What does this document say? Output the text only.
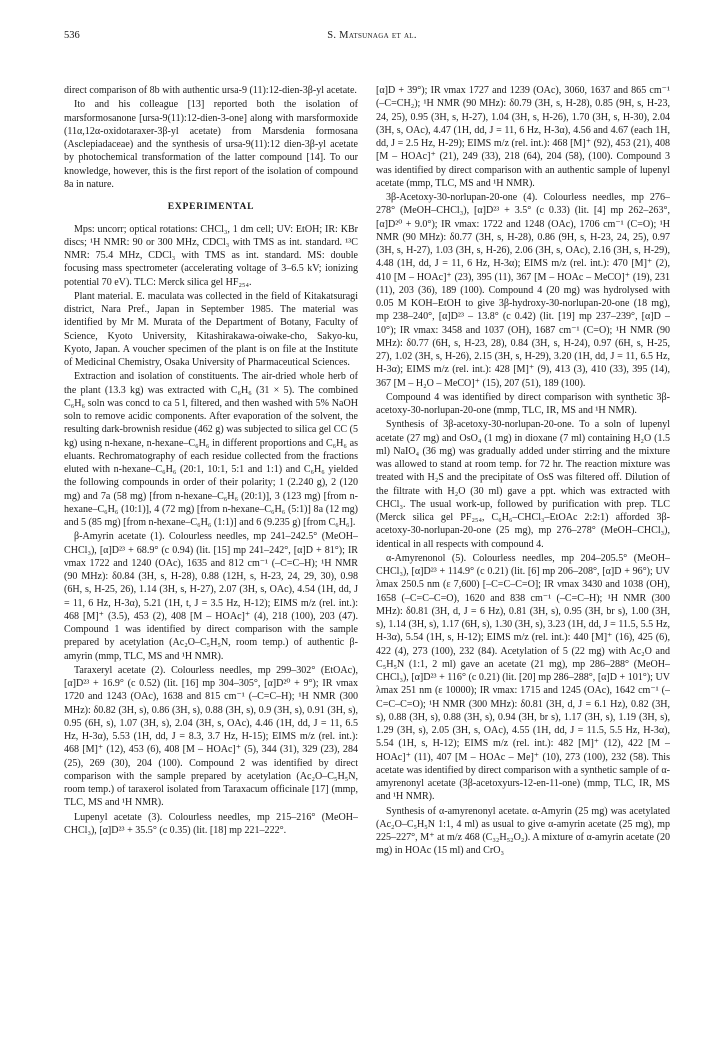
536	S. Matsunaga et al.

direct comparison of 8b with authentic ursa-9 (11):12-dien-3β-yl acetate.

Ito and his colleague [13] reported both the isolation of marsformosanone [ursa-9(11):12-dien-3-one] along with marsformoxide (11α,12α-oxidotaraxer-3β-yl acetate) from Marsdenia formosana (Asclepiadaceae) and the synthesis of ursa-9(11):12 dien-3β-yl acetate by photochemical transformation of the latter compound [14]. To our knowledge, however, this is the first report of the isolation of compound 8a in nature.

EXPERIMENTAL

Mps: uncorr; optical rotations: CHCl₃, 1 dm cell; UV: EtOH; IR: KBr discs; ¹H NMR: 90 or 300 MHz, CDCl₃ with TMS as int. standard. ¹³C NMR: 75.4 MHz, CDCl₃ with TMS as int. standard. MS: double focusing mass spectrometer (accelerating voltage of 3–6.5 kV; ionizing potential 70 eV). TLC: Merck silica gel HF₂₅₄.

Plant material. E. maculata was collected in the field of Kitakatsuragi district, Nara Pref., Japan in September 1985. The material was identified by Mr M. Murata of the Department of Botany, Faculty of Science, Kyoto University, Kitashirakawa-oiwake-cho, Sakyo-ku, Kyoto, Japan. A voucher specimen of the plant is on file at the Institute of Medicinal Chemistry, Osaka University of Pharmaceutical Sciences.

Extraction and isolation of constituents. The air-dried whole herb of the plant (13.3 kg) was extracted with C₆H₆ (31 × 5). The combined C₆H₆ soln was concd to ca 5 l, filtered, and then washed with 5% NaOH soln to remove acidic components. After evaporation of the solvent, the resulting dark-brownish residue (462 g) was subjected to silica gel CC (5 kg) using n-hexane, n-hexane–C₆H₆ in different proportions and C₆H₆ as eluants. Rechromatography of each residue collected from the fractions eluted with n-hexane–C₆H₆ (20:1, 10:1, 5:1 and 1:1) and C₆H₆ yielded the following compounds in order of their polarity; 1 (2.240 g), 2 (120 mg) and 7a (58 mg) [from n-hexane–C₆H₆ (20:1)], 3 (123 mg) [from n-hexane–C₆H₆ (10:1)], 4 (72 mg) [from n-hexane–C₆H₆ (5:1)] 8a (12 mg) and 5 (85 mg) [from n-hexane–C₆H₆ (1:1)] and 6 (9.235 g) [from C₆H₆].

β-Amyrin acetate (1). Colourless needles, mp 241–242.5° (MeOH–CHCl₃), [α]D²³ + 68.9° (c 0.94) (lit. [15] mp 241–242°, [α]D + 81°); IR νmax 1722 and 1240 (OAc), 1635 and 812 cm⁻¹ (–C=C–H); ¹H NMR (90 MHz): δ0.84 (3H, s, H-28), 0.88 (12H, s, H-23, 24, 29, 30), 0.98 (6H, s, H-25, 26), 1.14 (3H, s, H-27), 2.07 (3H, s, OAc), 4.54 (1H, dd, J = 11, 6 Hz, H-3α), 5.21 (1H, t, J = 3.5 Hz, H-12); EIMS m/z (rel. int.): 468 [M]⁺ (3.5), 453 (2), 408 [M – HOAc]⁺ (4), 218 (100), 203 (47). Compound 1 was identified by direct comparison with the sample prepared by acetylation (Ac₂O–C₅H₅N, room temp.) of authentic β-amyrin (mmp, TLC, MS and ¹H NMR).

Taraxeryl acetate (2). Colourless needles, mp 299–302° (EtOAc), [α]D²³ + 16.9° (c 0.52) (lit. [16] mp 304–305°, [α]D²⁰ + 9°); IR νmax 1720 and 1243 (OAc), 1638 and 815 cm⁻¹ (–C=C–H); ¹H NMR (300 MHz): δ0.82 (3H, s), 0.86 (3H, s), 0.88 (3H, s), 0.9 (3H, s), 0.91 (3H, s), 0.95 (6H, s), 1.07 (3H, s), 2.04 (3H, s, OAc), 4.46 (1H, dd, J = 11, 6.5 Hz, H-3α), 5.53 (1H, dd, J = 8.3, 3.7 Hz, H-15); EIMS m/z (rel. int.): 468 [M]⁺ (12), 453 (6), 408 [M – HOAc]⁺ (5), 344 (31), 329 (23), 284 (25), 269 (30), 204 (100). Compound 2 was identified by direct comparison with the sample prepared by acetylation (Ac₂O–C₅H₅N, room temp.) of taraxerol isolated from Taraxacum officinale [17] (mmp, TLC, MS and ¹H NMR).

Lupenyl acetate (3). Colourless needles, mp 215–216° (MeOH–CHCl₃), [α]D²³ + 35.5° (c 0.35) (lit. [18] mp 221–222°.

[α]D + 39°); IR νmax 1727 and 1239 (OAc), 3060, 1637 and 865 cm⁻¹ (–C=CH₂); ¹H NMR (90 MHz): δ0.79 (3H, s, H-28), 0.85 (9H, s, H-23, 24, 25), 0.95 (3H, s, H-27), 1.04 (3H, s, H-26), 1.70 (3H, s, H-30), 2.04 (3H, s, OAc), 4.47 (1H, dd, J = 11, 6 Hz, H-3α), 4.56 and 4.67 (each 1H, dd, J = 2.5 Hz, H-29); EIMS m/z (rel. int.): 468 [M]⁺ (92), 453 (21), 408 [M – HOAc]⁺ (21), 249 (33), 218 (64), 204 (58), (100). Compound 3 was identified by direct comparison with an authentic sample of lupenyl acetate (mmp, TLC, MS and ¹H NMR).

3β-Acetoxy-30-norlupan-20-one (4). Colourless needles, mp 276–278° (MeOH–CHCl₃), [α]D²³ + 3.5° (c 0.33) (lit. [4] mp 262–263°, [α]D²⁰ + 9.0°); IR νmax: 1722 and 1248 (OAc), 1706 cm⁻¹ (C=O); ¹H NMR (90 MHz): δ0.77 (3H, s, H-28), 0.86 (9H, s, H-23, 24, 25), 0.97 (3H, s, H-27), 1.03 (3H, s, H-26), 2.06 (3H, s, OAc), 2.16 (3H, s, H-29), 4.48 (1H, dd, J = 11, 6 Hz, H-3α); EIMS m/z (rel. int.): 470 [M]⁺ (2), 410 [M – HOAc]⁺ (23), 395 (11), 367 [M – HOAc – MeCO]⁺ (19), 231 (11), 203 (36), 189 (100). Compound 4 (20 mg) was hydrolysed with 0.05 M KOH–EtOH to give 3β-hydroxy-30-norlupan-20-one (18 mg), mp 238–240°, [α]D²³ – 13.8° (c 0.42) (lit. [19] mp 237–239°, [α]D – 10°); IR νmax: 3458 and 1037 (OH), 1687 cm⁻¹ (C=O); ¹H NMR (90 MHz): δ0.77 (6H, s, H-23, 28), 0.84 (3H, s, H-24), 0.97 (6H, s, H-25, 27), 1.02 (3H, s, H-26), 2.15 (3H, s, H-29), 3.20 (1H, dd, J = 11, 6.5 Hz, H-3α); EIMS m/z (rel. int.): 428 [M]⁺ (9), 413 (3), 410 (33), 395 (14), 367 [M – H₂O – MeCO]⁺ (15), 207 (51), 189 (100).

Compound 4 was identified by direct comparison with synthetic 3β-acetoxy-30-norlupan-20-one (mmp, TLC, IR, MS and ¹H NMR).

Synthesis of 3β-acetoxy-30-norlupan-20-one. To a soln of lupenyl acetate (27 mg) and OsO₄ (1 mg) in dioxane (7 ml) containing H₂O (1.5 ml) NaIO₄ (36 mg) was gradually added under stirring and the mixture was allowed to stand at room temp. for 72 hr. The reaction mixture was treated with H₂S and the precipitate of OsS was filtered off. Dilution of the filtrate with H₂O (30 ml) gave a ppt. which was extracted with CHCl₃. The usual work-up, followed by purification with prep. TLC (Merck silica gel PF₂₅₄, C₆H₆–CHCl₃–EtOAc 2:2:1) afforded 3β-acetoxy-30-norlupan-20-one (25 mg), mp 276–278° (MeOH–CHCl₃), identical in all respects with compound 4.

α-Amyrenonol (5). Colourless needles, mp 204–205.5° (MeOH–CHCl₃), [α]D²³ + 114.9° (c 0.21) (lit. [6] mp 206–208°, [α]D + 96°); UV λmax 250.5 nm (ε 7,600) [–C=C–C=O]; IR νmax 3430 and 1038 (OH), 1658 (–C=C–C=O), 1620 and 838 cm⁻¹ (–C=C–H); ¹H NMR (300 MHz): δ0.81 (3H, d, J = 6 Hz), 0.81 (3H, s), 0.95 (3H, br s), 1.00 (3H, s), 1.14 (3H, s), 1.17 (6H, s), 1.30 (3H, s), 3.23 (1H, dd, J = 11.5, 5.5 Hz, H-3α), 5.54 (1H, s, H-12); EIMS m/z (rel. int.): 440 [M]⁺ (16), 425 (6), 422 (4), 273 (100), 232 (84). Acetylation of 5 (22 mg) with Ac₂O and C₅H₅N (1:1, 2 ml) gave an acetate (21 mg), mp 286–288° (MeOH–CHCl₃), [α]D²³ + 116° (c 0.21) (lit. [20] mp 286–288°, [α]D + 101°); UV λmax 251 nm (ε 10000); IR νmax: 1715 and 1245 (OAc), 1642 cm⁻¹ (–C=C–C=O); ¹H NMR (300 MHz): δ0.81 (3H, d, J = 6.1 Hz), 0.82 (3H, s), 0.88 (3H, s), 0.88 (3H, s), 0.94 (3H, br s), 1.17 (3H, s), 1.19 (3H, s), 1.29 (3H, s), 2.05 (3H, s, OAc), 4.55 (1H, dd, J = 11.5, 5.5 Hz, H-3α), 5.54 (1H, s, H-12); EIMS m/z (rel. int.): 482 [M]⁺ (12), 422 [M – HOAc]⁺ (11), 407 [M – HOAc – Me]⁺ (10), 273 (100), 232 (58). This acetate was identified by direct comparison with a synthetic sample of α-amyrenonyl acetate (3β-acetoxyurs-12-en-11-one) (mmp, TLC, IR, MS and ¹H NMR).

Synthesis of α-amyrenonyl acetate. α-Amyrin (25 mg) was acetylated (Ac₂O–C₅H₅N 1:1, 4 ml) as usual to give α-amyrin acetate (25 mg), mp 225–227°, M⁺ at m/z 468 (C₃₂H₅₂O₂). A mixture of α-amyrin acetate (20 mg) in HOAc (15 ml) and CrO₃
